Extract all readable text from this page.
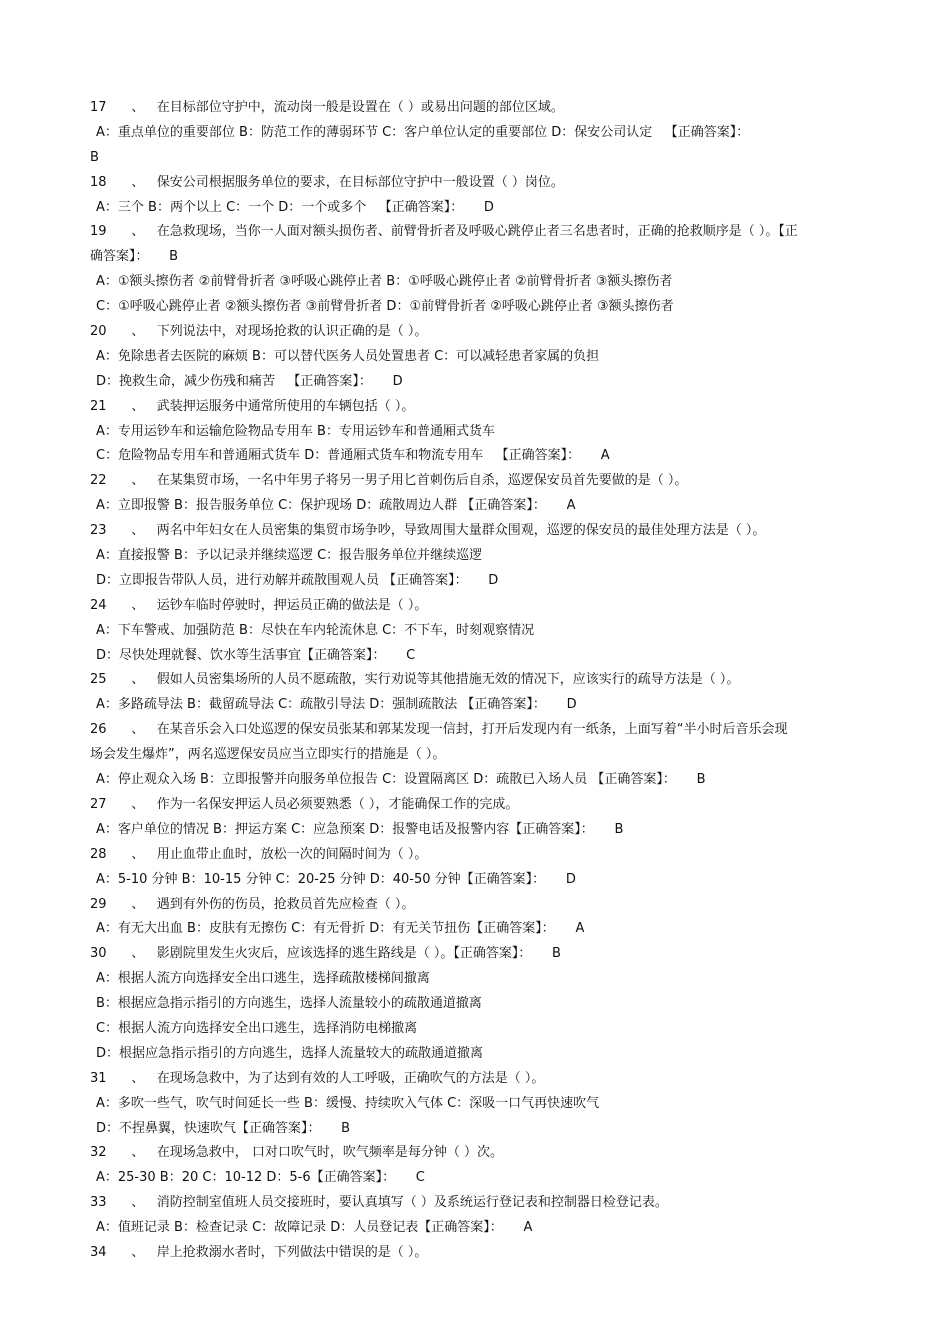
17      、   在目标部位守护中，流动岗一般是设置在（ ）或易出问题的部位区域。
A：重点单位的重要部位 B：防范工作的薄弱环节 C：客户单位认定的重要部位 D：保安公司认定   【正确答案】：
B
18      、   保安公司根据服务单位的要求，在目标部位守护中一般设置（ ）岗位。
A：三个 B：两个以上 C：一个 D：一个或多个   【正确答案】：     D
19      、   在急救现场，当你一人面对额头损伤者、前臂骨折者及呼吸心跳停止者三名患者时，正确的抢救顺序是（ ）。【正
确答案】：     B
A：①额头擦伤者 ②前臂骨折者 ③呼吸心跳停止者 B：①呼吸心跳停止者 ②前臂骨折者 ③额头擦伤者
C：①呼吸心跳停止者 ②额头擦伤者 ③前臂骨折者 D：①前臂骨折者 ②呼吸心跳停止者 ③额头擦伤者
20      、   下列说法中，对现场抢救的认识正确的是（ ）。
A：免除患者去医院的麻烦 B：可以替代医务人员处置患者 C：可以减轻患者家属的负担
D：挽救生命，减少伤残和痛苦   【正确答案】：     D
21      、   武装押运服务中通常所使用的车辆包括（ ）。
A：专用运钞车和运输危险物品专用车 B：专用运钞车和普通厢式货车
C：危险物品专用车和普通厢式货车 D：普通厢式货车和物流专用车   【正确答案】：     A
22      、   在某集贸市场，一名中年男子将另一男子用匕首刺伤后自杀，巡逻保安员首先要做的是（ ）。
A：立即报警 B：报告服务单位 C：保护现场 D：疏散周边人群 【正确答案】：     A
23      、   两名中年妇女在人员密集的集贸市场争吵，导致周围大量群众围观，巡逻的保安员的最佳处理方法是（ ）。
A：直接报警 B：予以记录并继续巡逻 C：报告服务单位并继续巡逻
D：立即报告带队人员，进行劝解并疏散围观人员 【正确答案】：     D
24      、   运钞车临时停驶时，押运员正确的做法是（ ）。
A：下车警戒、加强防范 B：尽快在车内轮流休息 C：不下车，时刻观察情况
D：尽快处理就餐、饮水等生活事宜【正确答案】：     C
25      、   假如人员密集场所的人员不愿疏散，实行劝说等其他措施无效的情况下，应该实行的疏导方法是（ ）。
A：多路疏导法 B：截留疏导法 C：疏散引导法 D：强制疏散法 【正确答案】：     D
26      、   在某音乐会入口处巡逻的保安员张某和郭某发现一信封，打开后发现内有一纸条，上面写着“半小时后音乐会现
场会发生爆炸”，两名巡逻保安员应当立即实行的措施是（ ）。
A：停止观众入场 B：立即报警并向服务单位报告 C：设置隔离区 D：疏散已入场人员 【正确答案】：     B
27      、   作为一名保安押运人员必须要熟悉（ ），才能确保工作的完成。
A：客户单位的情况 B：押运方案 C：应急预案 D：报警电话及报警内容【正确答案】：     B
28      、   用止血带止血时，放松一次的间隔时间为（ ）。
A：5-10 分钟 B：10-15 分钟 C：20-25 分钟 D：40-50 分钟【正确答案】：     D
29      、   遇到有外伤的伤员，抢救员首先应检查（ ）。
A：有无大出血 B：皮肤有无擦伤 C：有无骨折 D：有无关节扭伤【正确答案】：     A
30      、   影剧院里发生火灾后，应该选择的逃生路线是（ ）。【正确答案】：     B
A：根据人流方向选择安全出口逃生，选择疏散楼梯间撤离
B：根据应急指示指引的方向逃生，选择人流量较小的疏散通道撤离
C：根据人流方向选择安全出口逃生，选择消防电梯撤离
D：根据应急指示指引的方向逃生，选择人流量较大的疏散通道撤离
31      、   在现场急救中，为了达到有效的人工呼吸，正确吹气的方法是（ ）。
A：多吹一些气，吹气时间延长一些 B：缓慢、持续吹入气体 C：深吸一口气再快速吹气
D：不捏鼻翼，快速吹气【正确答案】：     B
32      、   在现场急救中， 口对口吹气时，吹气频率是每分钟（ ）次。
A：25-30 B：20 C：10-12 D：5-6【正确答案】：     C
33      、   消防控制室值班人员交接班时，要认真填写（ ）及系统运行登记表和控制器日检登记表。
A：值班记录 B：检查记录 C：故障记录 D：人员登记表【正确答案】：     A
34      、   岸上抢救溺水者时，下列做法中错误的是（ ）。
